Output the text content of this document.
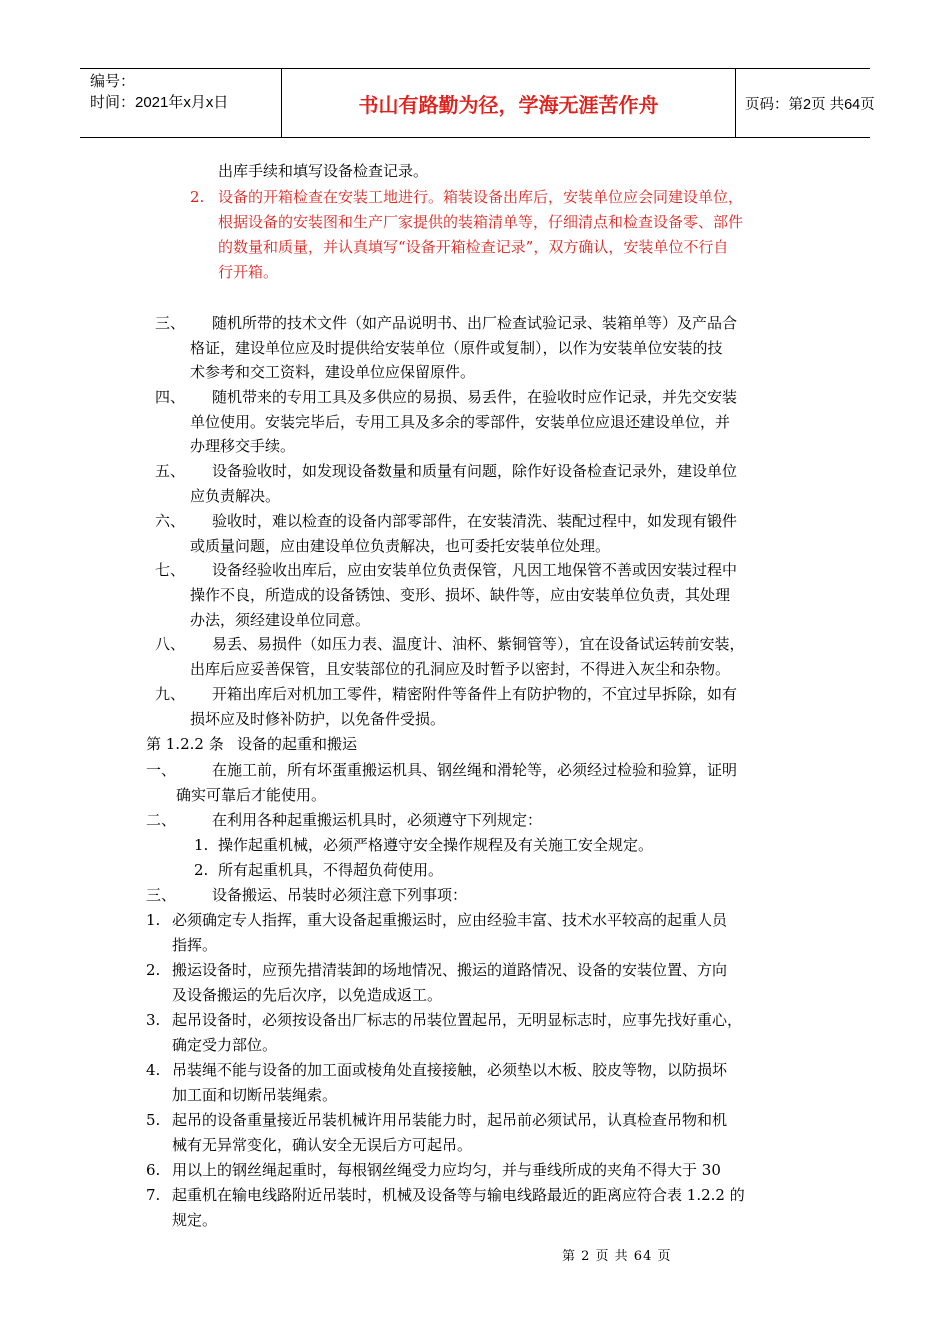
编号：
时间：2021年x月x日	书山有路勤为径，学海无涯苦作舟	页码：第2页 共64页
出库手续和填写设备检查记录。
2. 设备的开箱检查在安装工地进行。箱装设备出库后，安装单位应会同建设单位，
根据设备的安装图和生产厂家提供的装箱清单等，仔细清点和检查设备零、部件
的数量和质量，并认真填写“设备开箱检查记录”，双方确认，安装单位不行自
行开箱。
三、 随机所带的技术文件（如产品说明书、出厂检查试验记录、装箱单等）及产品合
格证，建设单位应及时提供给安装单位（原件或复制），以作为安装单位安装的技
术参考和交工资料，建设单位应保留原件。
四、 随机带来的专用工具及多供应的易损、易丢件，在验收时应作记录，并先交安装
单位使用。安装完毕后，专用工具及多余的零部件，安装单位应退还建设单位，并
办理移交手续。
五、 设备验收时，如发现设备数量和质量有问题，除作好设备检查记录外，建设单位
应负责解决。
六、 验收时，难以检查的设备内部零部件，在安装清洗、装配过程中，如发现有锻件
或质量问题，应由建设单位负责解决，也可委托安装单位处理。
七、 设备经验收出库后，应由安装单位负责保管，凡因工地保管不善或因安装过程中
操作不良，所造成的设备锈蚀、变形、损坏、缺件等，应由安装单位负责，其处理
办法，须经建设单位同意。
八、 易丢、易损件（如压力表、温度计、油杯、紫铜管等），宜在设备试运转前安装，
出库后应妥善保管，且安装部位的孔洞应及时暂予以密封，不得进入灰尘和杂物。
九、 开箱出库后对机加工零件，精密附件等备件上有防护物的，不宜过早拆除，如有
损坏应及时修补防护，以免备件受损。
第 1.2.2 条 设备的起重和搬运
一、 在施工前，所有坏蛋重搬运机具、钢丝绳和滑轮等，必须经过检验和验算，证明
确实可靠后才能使用。
二、 在利用各种起重搬运机具时，必须遵守下列规定：
1. 操作起重机械，必须严格遵守安全操作规程及有关施工安全规定。
2. 所有起重机具，不得超负荷使用。
三、 设备搬运、吊装时必须注意下列事项：
1. 必须确定专人指挥，重大设备起重搬运时，应由经验丰富、技术水平较高的起重人员
指挥。
2. 搬运设备时，应预先措清装卸的场地情况、搬运的道路情况、设备的安装位置、方向
及设备搬运的先后次序，以免造成返工。
3. 起吊设备时，必须按设备出厂标志的吊装位置起吊，无明显标志时，应事先找好重心，
确定受力部位。
4. 吊装绳不能与设备的加工面或棱角处直接接触，必须垫以木板、胶皮等物，以防损坏
加工面和切断吊装绳索。
5. 起吊的设备重量接近吊装机械许用吊装能力时，起吊前必须试吊，认真检查吊物和机
械有无异常变化，确认安全无误后方可起吊。
6. 用以上的钢丝绳起重时，每根钢丝绳受力应均匀，并与垂线所成的夹角不得大于 30
7. 起重机在输电线路附近吊装时，机械及设备等与输电线路最近的距离应符合表 1.2.2 的
规定。
第 2 页 共 64 页
